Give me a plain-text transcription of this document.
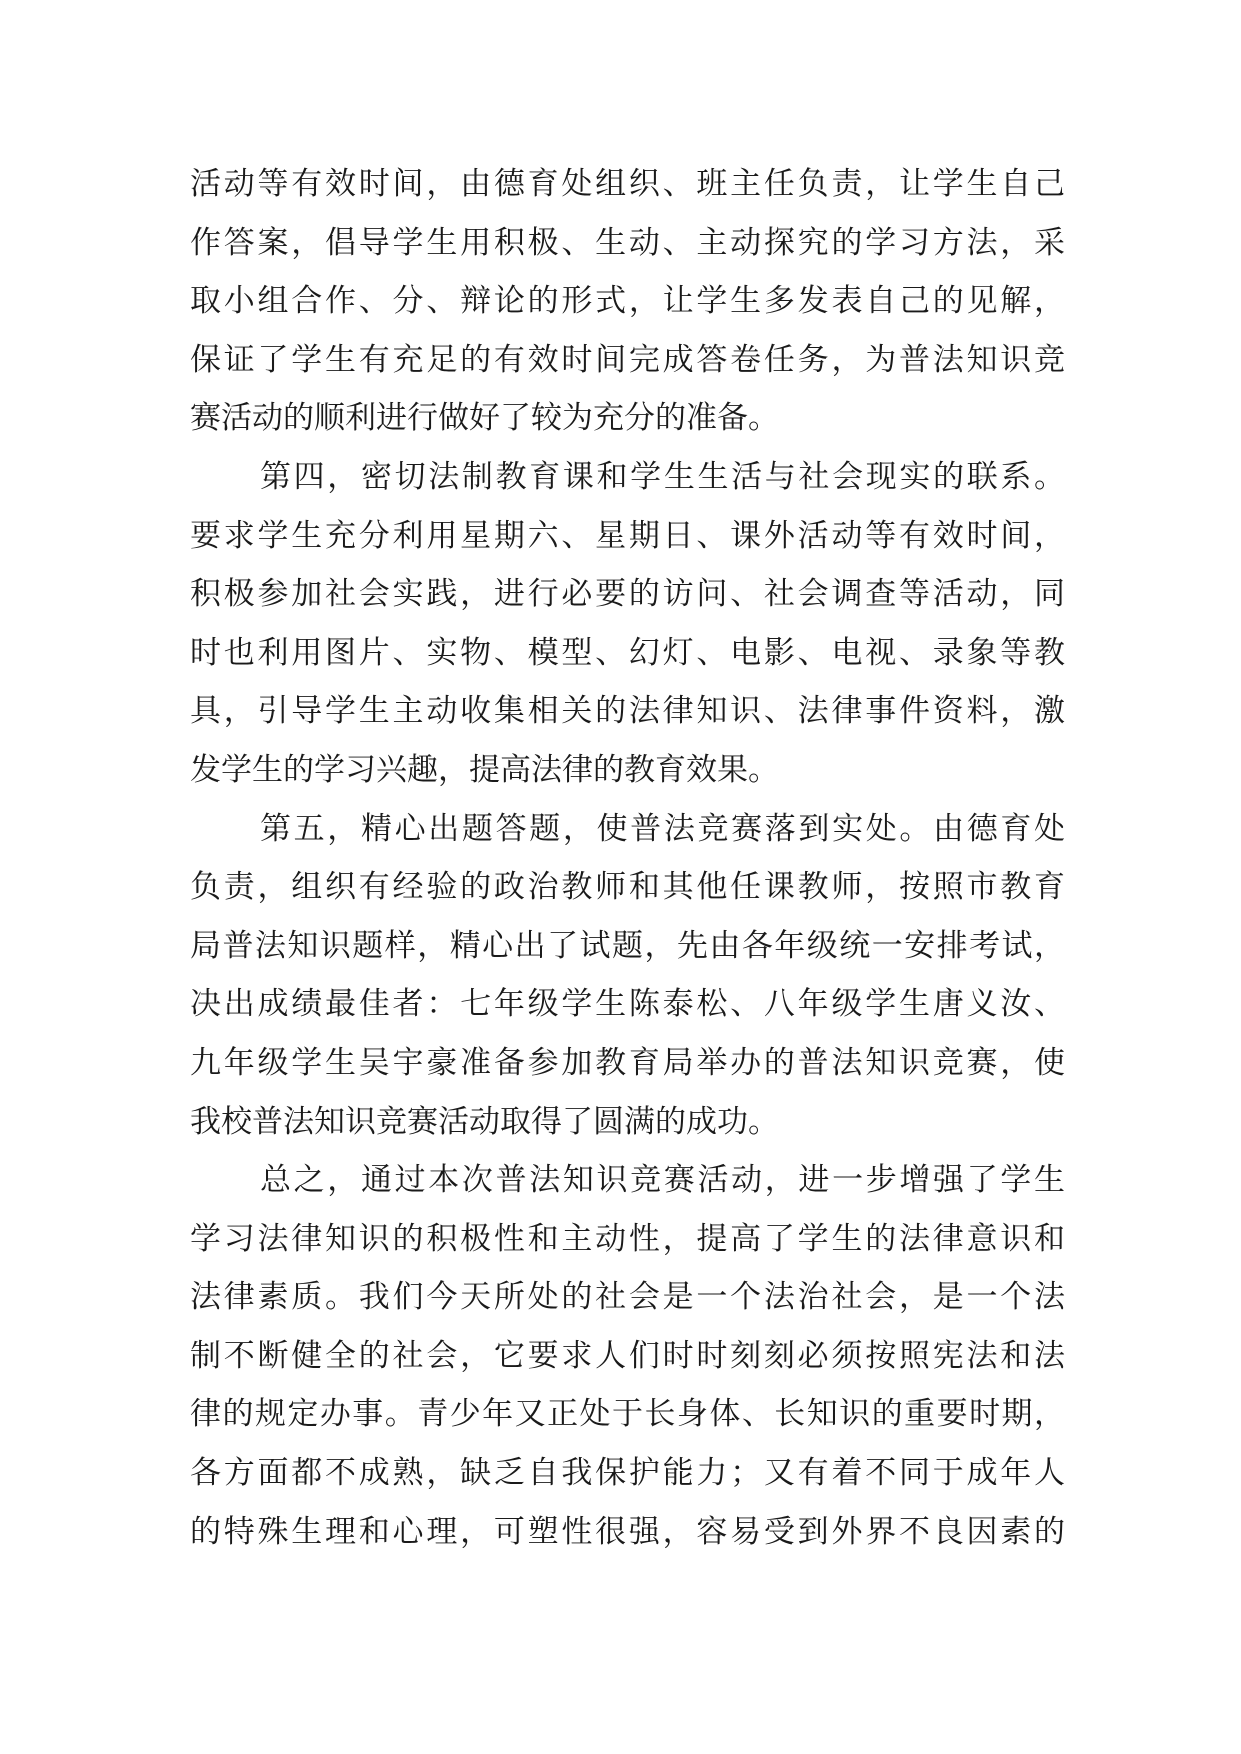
活动等有效时间，由德育处组织、班主任负责，让学生自己
作答案，倡导学生用积极、生动、主动探究的学习方法，采
取小组合作、分、辩论的形式，让学生多发表自己的见解，
保证了学生有充足的有效时间完成答卷任务，为普法知识竞
赛活动的顺利进行做好了较为充分的准备。
第四，密切法制教育课和学生生活与社会现实的联系。
要求学生充分利用星期六、星期日、课外活动等有效时间，
积极参加社会实践，进行必要的访问、社会调查等活动，同
时也利用图片、实物、模型、幻灯、电影、电视、录象等教
具，引导学生主动收集相关的法律知识、法律事件资料，激
发学生的学习兴趣，提高法律的教育效果。
第五，精心出题答题，使普法竞赛落到实处。由德育处
负责，组织有经验的政治教师和其他任课教师，按照市教育
局普法知识题样，精心出了试题，先由各年级统一安排考试，
决出成绩最佳者：七年级学生陈泰松、八年级学生唐义汝、
九年级学生吴宇豪准备参加教育局举办的普法知识竞赛，使
我校普法知识竞赛活动取得了圆满的成功。
总之，通过本次普法知识竞赛活动，进一步增强了学生
学习法律知识的积极性和主动性，提高了学生的法律意识和
法律素质。我们今天所处的社会是一个法治社会，是一个法
制不断健全的社会，它要求人们时时刻刻必须按照宪法和法
律的规定办事。青少年又正处于长身体、长知识的重要时期，
各方面都不成熟，缺乏自我保护能力；又有着不同于成年人
的特殊生理和心理，可塑性很强，容易受到外界不良因素的
